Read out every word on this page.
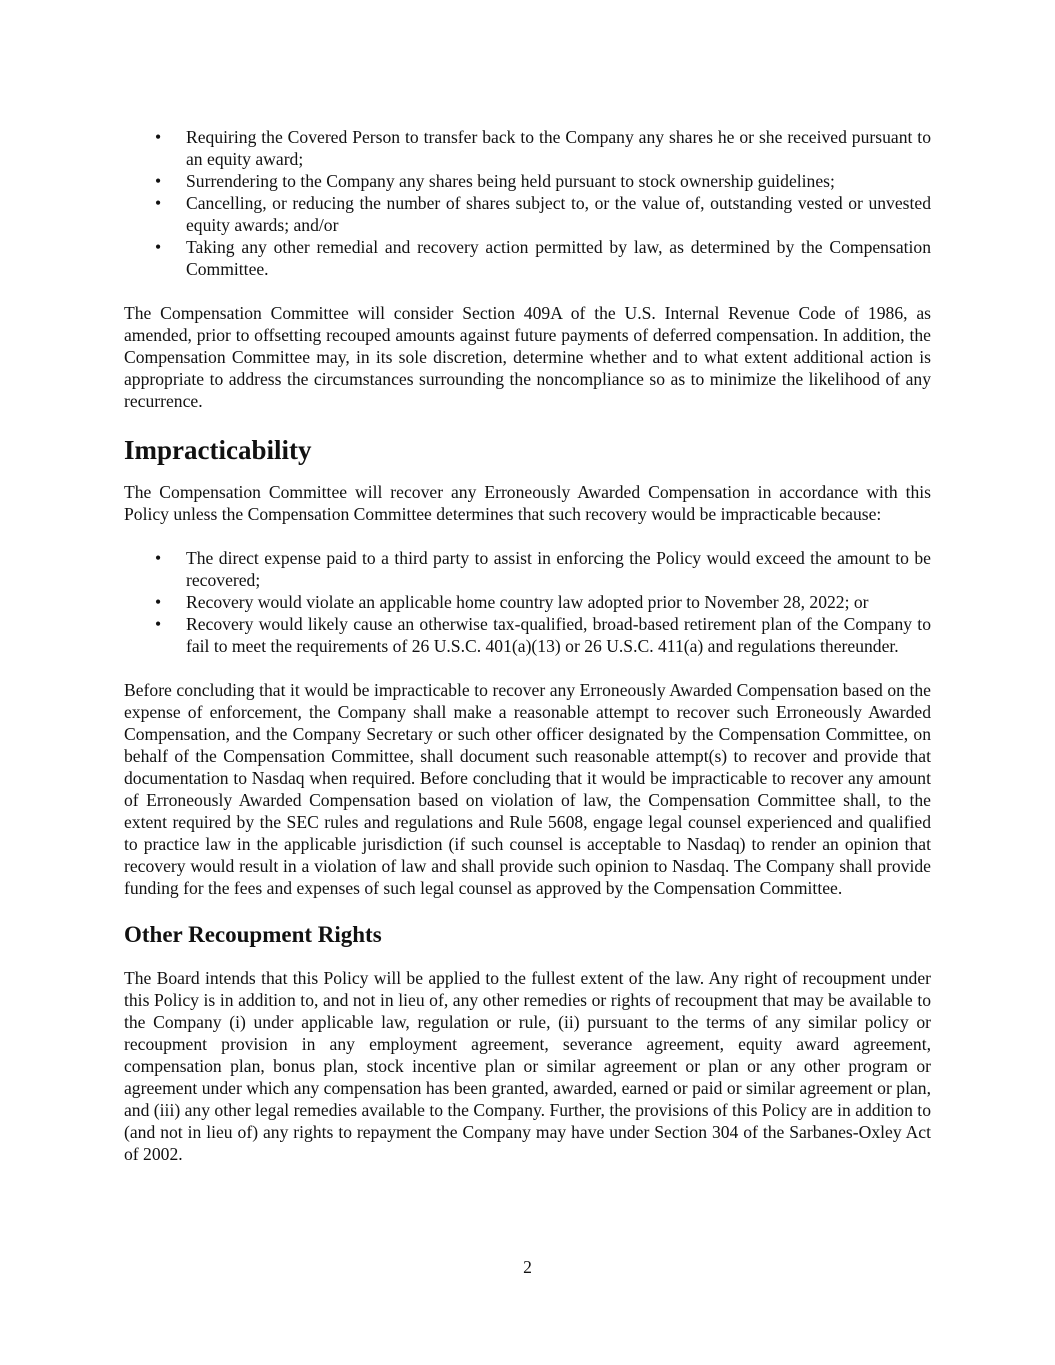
• Requiring the Covered Person to transfer back to the Company any shares he or she received pursuant to an equity award;
• Surrendering to the Company any shares being held pursuant to stock ownership guidelines;
• Cancelling, or reducing the number of shares subject to, or the value of, outstanding vested or unvested equity awards; and/or
• Taking any other remedial and recovery action permitted by law, as determined by the Compensation Committee.

The Compensation Committee will consider Section 409A of the U.S. Internal Revenue Code of 1986, as amended, prior to offsetting recouped amounts against future payments of deferred compensation. In addition, the Compensation Committee may, in its sole discretion, determine whether and to what extent additional action is appropriate to address the circumstances surrounding the noncompliance so as to minimize the likelihood of any recurrence.

Impracticability

The Compensation Committee will recover any Erroneously Awarded Compensation in accordance with this Policy unless the Compensation Committee determines that such recovery would be impracticable because:

• The direct expense paid to a third party to assist in enforcing the Policy would exceed the amount to be recovered;
• Recovery would violate an applicable home country law adopted prior to November 28, 2022; or
• Recovery would likely cause an otherwise tax-qualified, broad-based retirement plan of the Company to fail to meet the requirements of 26 U.S.C. 401(a)(13) or 26 U.S.C. 411(a) and regulations thereunder.

Before concluding that it would be impracticable to recover any Erroneously Awarded Compensation based on the expense of enforcement, the Company shall make a reasonable attempt to recover such Erroneously Awarded Compensation, and the Company Secretary or such other officer designated by the Compensation Committee, on behalf of the Compensation Committee, shall document such reasonable attempt(s) to recover and provide that documentation to Nasdaq when required. Before concluding that it would be impracticable to recover any amount of Erroneously Awarded Compensation based on violation of law, the Compensation Committee shall, to the extent required by the SEC rules and regulations and Rule 5608, engage legal counsel experienced and qualified to practice law in the applicable jurisdiction (if such counsel is acceptable to Nasdaq) to render an opinion that recovery would result in a violation of law and shall provide such opinion to Nasdaq. The Company shall provide funding for the fees and expenses of such legal counsel as approved by the Compensation Committee.

Other Recoupment Rights

The Board intends that this Policy will be applied to the fullest extent of the law. Any right of recoupment under this Policy is in addition to, and not in lieu of, any other remedies or rights of recoupment that may be available to the Company (i) under applicable law, regulation or rule, (ii) pursuant to the terms of any similar policy or recoupment provision in any employment agreement, severance agreement, equity award agreement, compensation plan, bonus plan, stock incentive plan or similar agreement or plan or any other program or agreement under which any compensation has been granted, awarded, earned or paid or similar agreement or plan, and (iii) any other legal remedies available to the Company. Further, the provisions of this Policy are in addition to (and not in lieu of) any rights to repayment the Company may have under Section 304 of the Sarbanes-Oxley Act of 2002.

2
